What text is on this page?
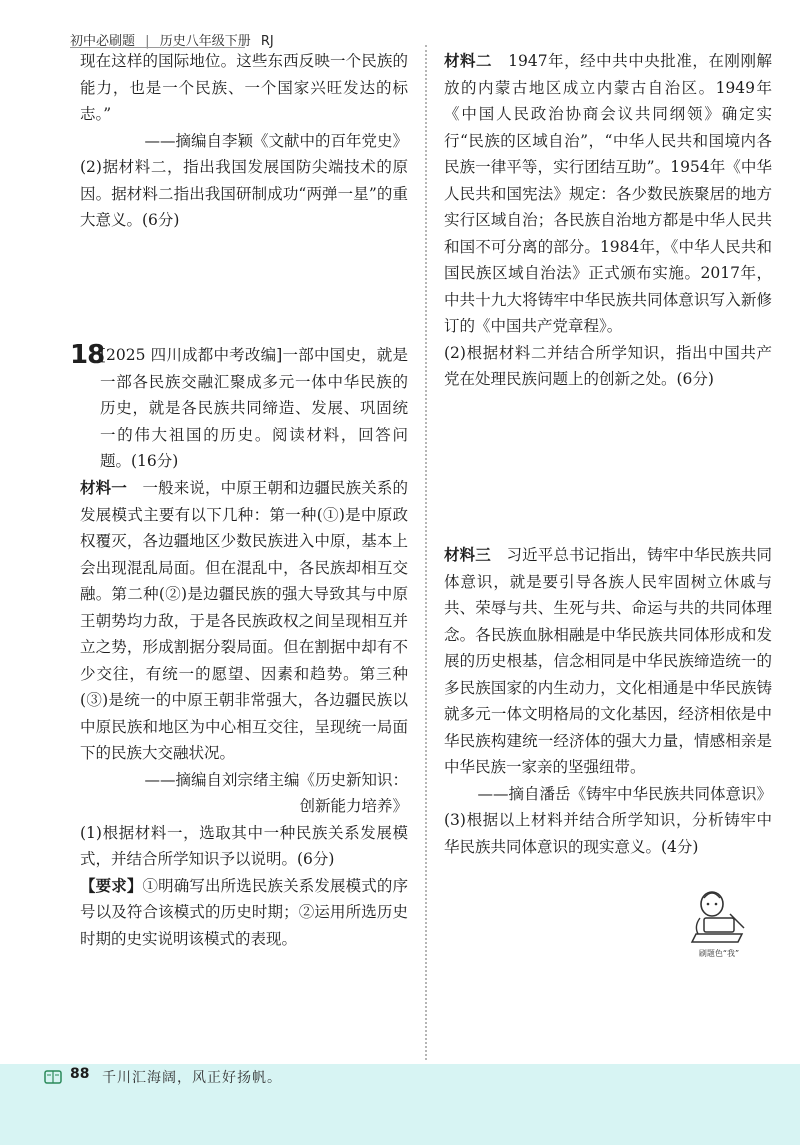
初中必刷题 | 历史八年级下册 RJ

现在这样的国际地位。这些东西反映一个民族的能力，也是一个民族、一个国家兴旺发达的标志。”

——摘编自李颖《文献中的百年党史》

(2)据材料二，指出我国发展国防尖端技术的原因。据材料二指出我国研制成功“两弹一星”的重大意义。(6分)

18

[2025 四川成都中考改编]一部中国史，就是一部各民族交融汇聚成多元一体中华民族的历史，就是各民族共同缔造、发展、巩固统一的伟大祖国的历史。阅读材料，回答问题。(16分)

材料一　 一般来说，中原王朝和边疆民族关系的发展模式主要有以下几种：第一种(①)是中原政权覆灭，各边疆地区少数民族进入中原，基本上会出现混乱局面。但在混乱中，各民族却相互交融。第二种(②)是边疆民族的强大导致其与中原王朝势均力敌，于是各民族政权之间呈现相互并立之势，形成割据分裂局面。但在割据中却有不少交往，有统一的愿望、因素和趋势。第三种(③)是统一的中原王朝非常强大，各边疆民族以中原民族和地区为中心相互交往，呈现统一局面下的民族大交融状况。

——摘编自刘宗绪主编《历史新知识：

创新能力培养》

(1)根据材料一，选取其中一种民族关系发展模式，并结合所学知识予以说明。(6分)

【要求】①明确写出所选民族关系发展模式的序号以及符合该模式的历史时期；②运用所选历史时期的史实说明该模式的表现。

材料二　 1947年，经中共中央批准，在刚刚解放的内蒙古地区成立内蒙古自治区。1949年《中国人民政治协商会议共同纲领》确定实行“民族的区域自治”，“中华人民共和国境内各民族一律平等，实行团结互助”。1954年《中华人民共和国宪法》规定：各少数民族聚居的地方实行区域自治；各民族自治地方都是中华人民共和国不可分离的部分。1984年，《中华人民共和国民族区域自治法》正式颁布实施。2017年，中共十九大将铸牢中华民族共同体意识写入新修订的《中国共产党章程》。

(2)根据材料二并结合所学知识，指出中国共产党在处理民族问题上的创新之处。(6分)

材料三　 习近平总书记指出，铸牢中华民族共同体意识，就是要引导各族人民牢固树立休戚与共、荣辱与共、生死与共、命运与共的共同体理念。各民族血脉相融是中华民族共同体形成和发展的历史根基，信念相同是中华民族缔造统一的多民族国家的内生动力，文化相通是中华民族铸就多元一体文明格局的文化基因，经济相依是中华民族构建统一经济体的强大力量，情感相亲是中华民族一家亲的坚强纽带。

——摘自潘岳《铸牢中华民族共同体意识》

(3)根据以上材料并结合所学知识，分析铸牢中华民族共同体意识的现实意义。(4分)

刷题色“我”
88 千川汇海阔，风正好扬帆。
